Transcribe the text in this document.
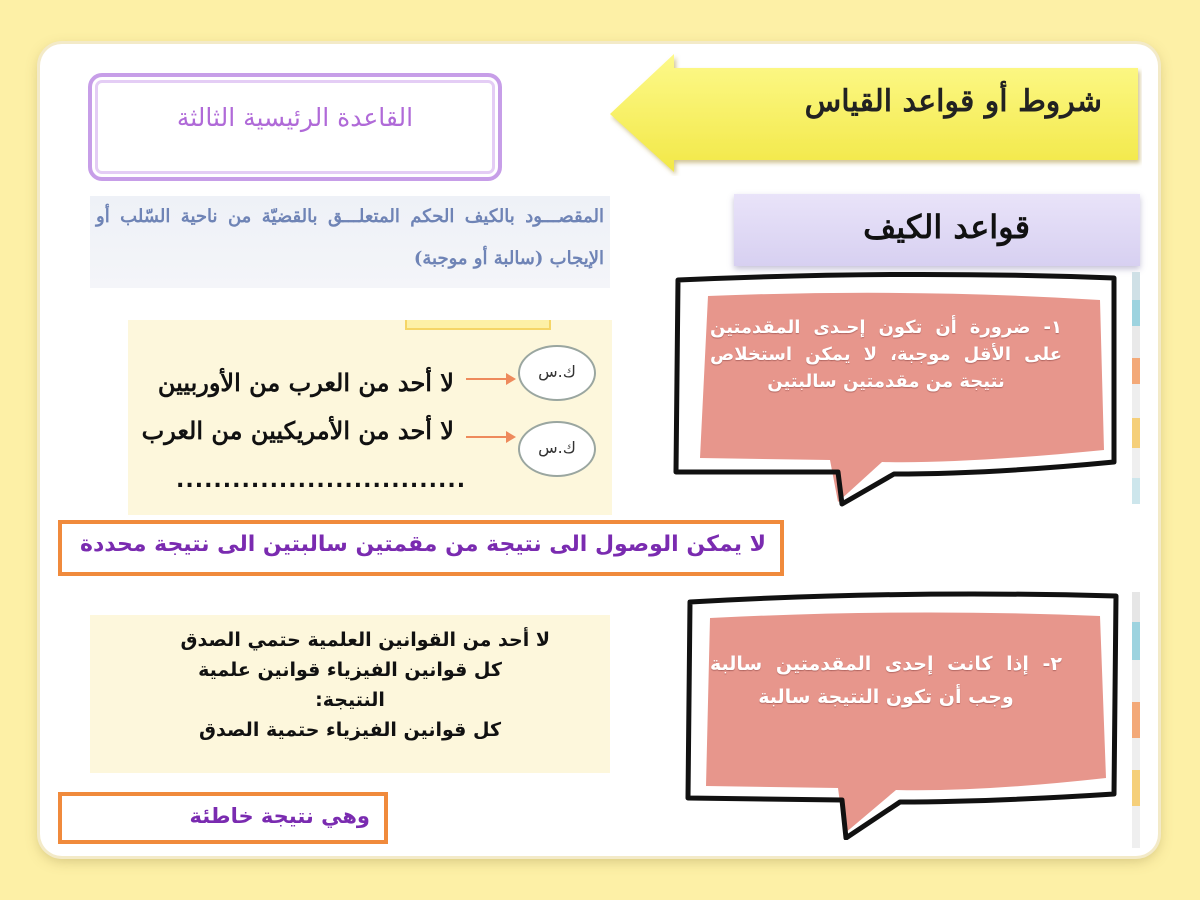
شروط أو قواعد القياس
القاعدة الرئيسية الثالثة
المقصـــود بالكيف الحكم المتعلـــق بالقضيّة من ناحية السّلب أو الإيجاب (سالبة أو موجبة)
قواعد الكيف
لا أحد من العرب من الأوربيين
لا أحد من الأمريكيين من العرب
...............................
ك.س
ك.س
١- ضرورة أن تكون إحـدى المقدمتين على الأقل موجبة، لا يمكن استخلاص نتيجة من مقدمتين سالبتين
لا يمكن الوصول الى نتيجة من مقمتين سالبتين الى نتيجة محددة
لا أحد من القوانين العلمية حتمي الصدق
كل قوانين الفيزياء قوانين علمية
النتيجة:
كل قوانين الفيزياء حتمية الصدق
٢- إذا كانت إحدى المقدمتين سالبة وجب أن تكون النتيجة سالبة
وهي نتيجة خاطئة
